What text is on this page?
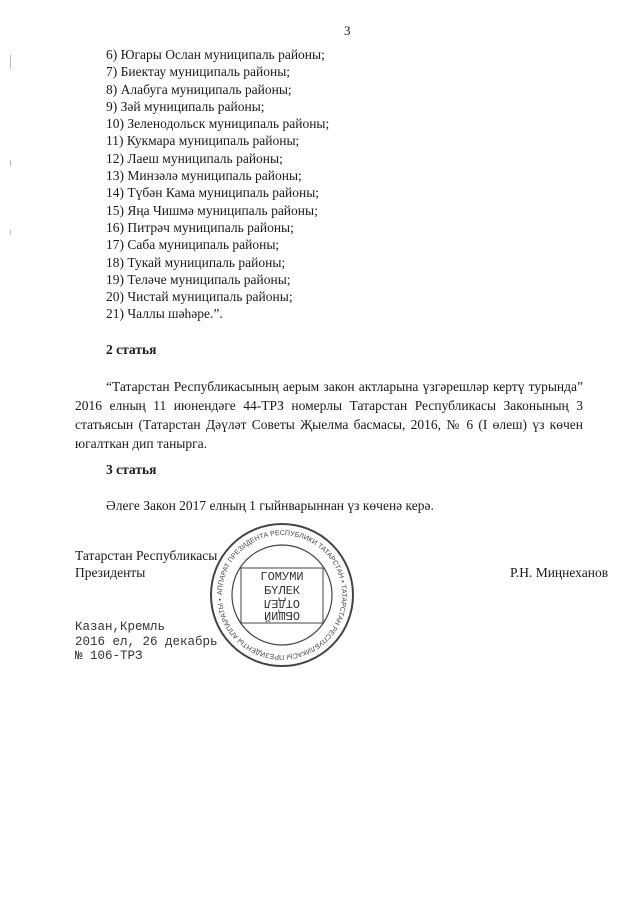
3
6) Югары Ослан муниципаль районы;
7) Биектау муниципаль районы;
8) Алабуга муниципаль районы;
9) Зәй муниципаль районы;
10) Зеленодольск муниципаль районы;
11) Кукмара муниципаль районы;
12) Лаеш муниципаль районы;
13) Минзәлә муниципаль районы;
14) Түбән Кама муниципаль районы;
15) Яңа Чишмә муниципаль районы;
16) Питрәч муниципаль районы;
17) Саба муниципаль районы;
18) Тукай муниципаль районы;
19) Теләче муниципаль районы;
20) Чистай муниципаль районы;
21) Чаллы шәһәре.”.
2 статья

“Татарстан Республикасының аерым закон актларына үзгәрешләр кертү турында” 2016 елның 11 июнендәге 44-ТРЗ номерлы Татарстан Республикасы Законының 3 статьясын (Татарстан Дәүләт Советы Җыелма басмасы, 2016, № 6 (I өлеш) үз көчен югалткан дип танырга.

3 статья

Әлеге Закон 2017 елның 1 гыйнварыннан үз көченә керә.

Татарстан Республикасы
Президенты	Р.Н. Миңнеханов
Казан,Кремль
2016 ел, 26 декабрь
№ 106-ТРЗ
АППАРАТ ПРЕЗИДЕНТА РЕСПУБЛИКИ ТАТАРСТАН • ТАТАРСТАН РЕСПУБЛИКАСЫ ПРЕЗИДЕНТЫ АППАРАТЫ •
ГОМУМИ
БҮЛЕК
ОБЩИЙ
ОТДЕЛ
